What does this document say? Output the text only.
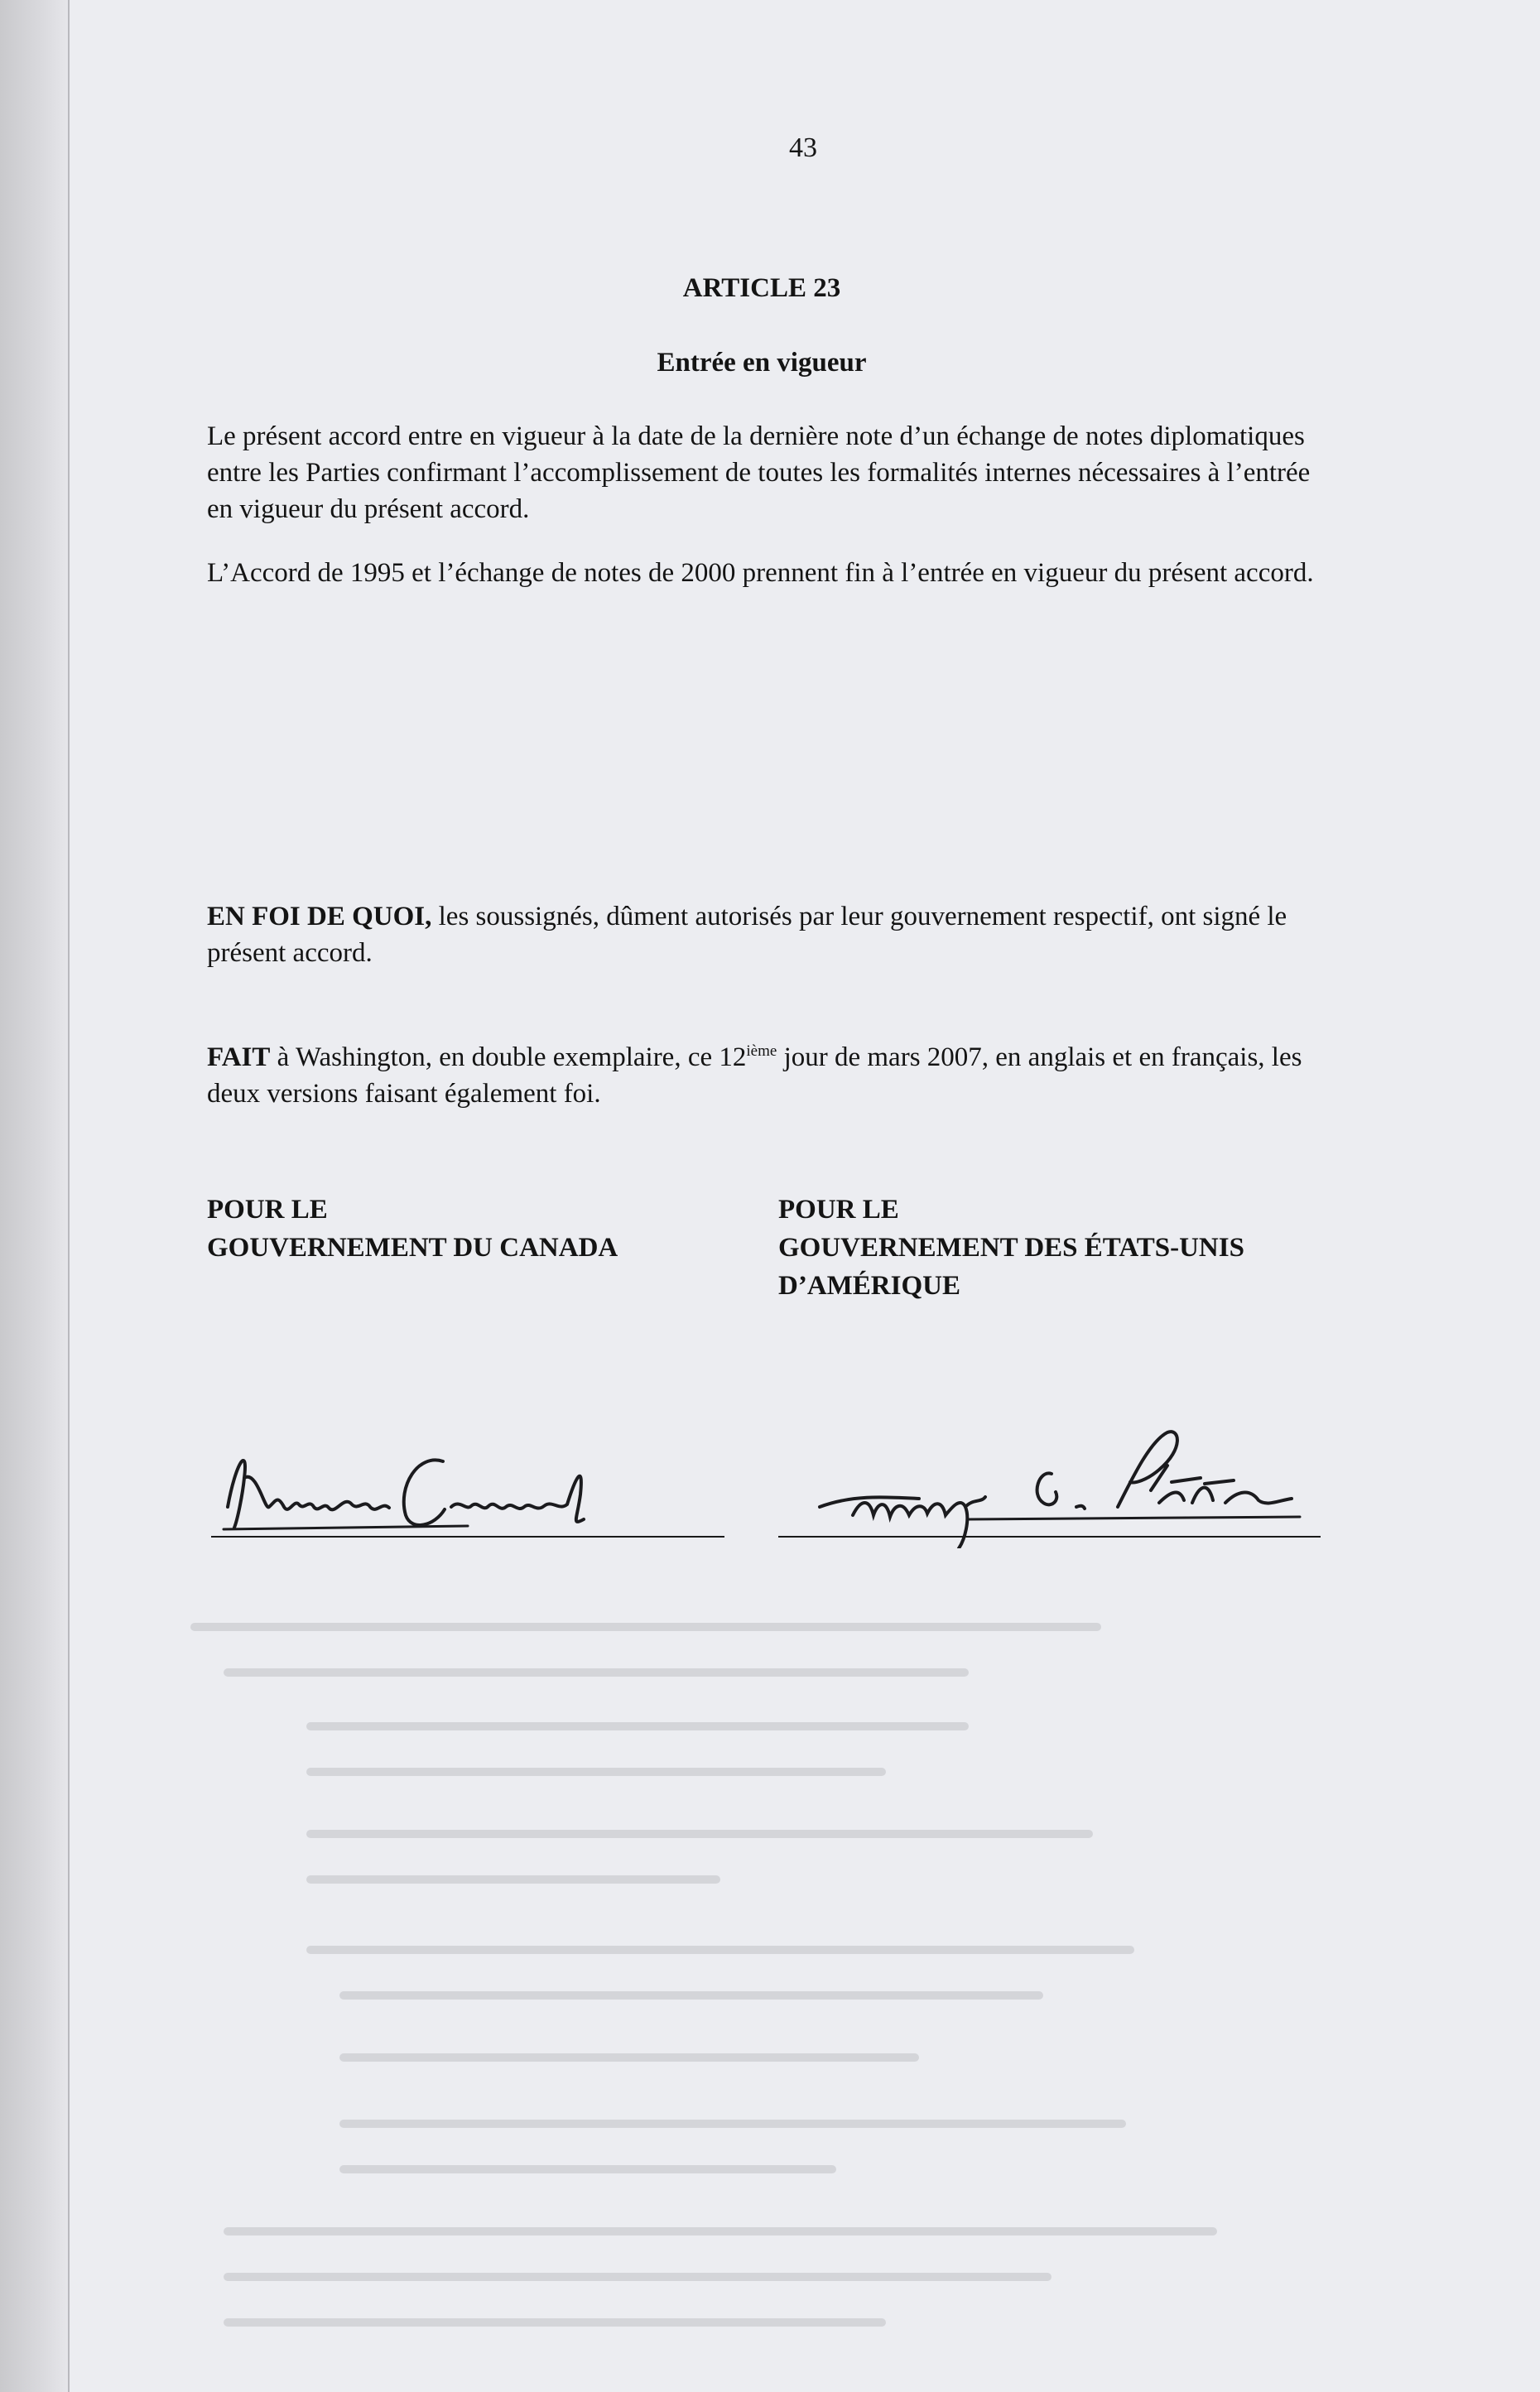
43
ARTICLE 23
Entrée en vigueur
Le présent accord entre en vigueur à la date de la dernière note d’un échange de notes diplomatiques entre les Parties confirmant l’accomplissement de toutes les formalités internes nécessaires à l’entrée en vigueur du présent accord.
L’Accord de 1995 et l’échange de notes de 2000 prennent fin à l’entrée en vigueur du présent accord.
EN FOI DE QUOI, les soussignés, dûment autorisés par leur gouvernement respectif, ont signé le présent accord.
FAIT à Washington, en double exemplaire, ce 12ième jour de mars 2007, en anglais et en français, les deux versions faisant également foi.
POUR LE
GOUVERNEMENT DU CANADA
POUR LE
GOUVERNEMENT DES ÉTATS-UNIS
D’AMÉRIQUE
